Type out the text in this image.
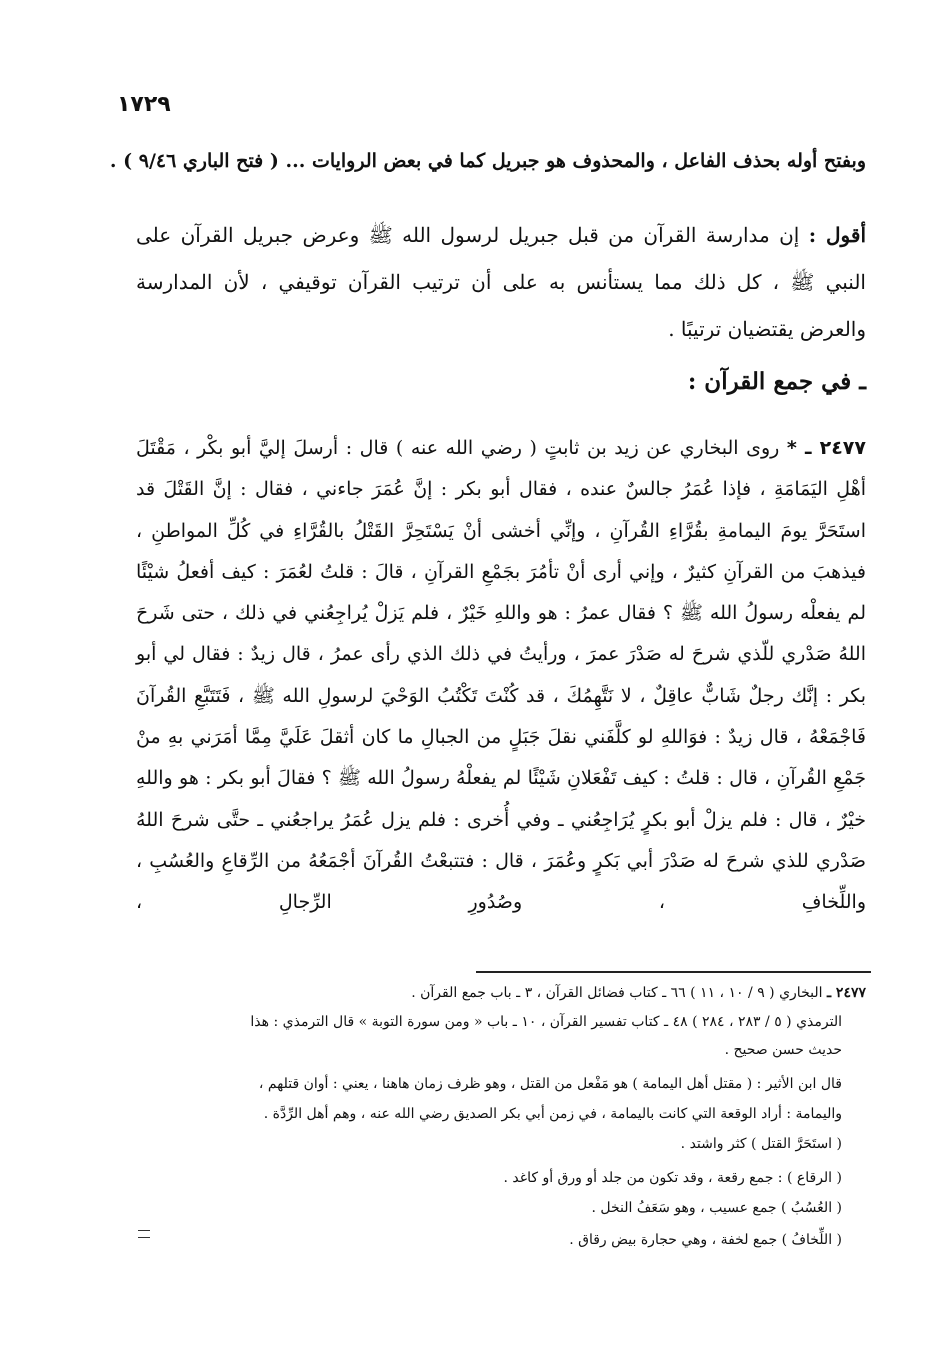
١٧٢٩
وبفتح أوله بحذف الفاعل ، والمحذوف هو جبريل كما في بعض الروايات ... ( فتح الباري ٩/٤٦ ) .
أقول : إن مدارسة القرآن من قبل جبريل لرسول الله ﷺ وعرض جبريل القرآن على النبي ﷺ ، كل ذلك مما يستأنس به على أن ترتيب القرآن توقيفي ، لأن المدارسة والعرض يقتضيان ترتيبًا .
ـ في جمع القرآن :
٢٤٧٧ ـ * روى البخاري عن زيد بن ثابتٍ ( رضي الله عنه ) قال : أرسلَ إليَّ أبو بكْر ، مَقْتَلَ أهْلِ اليَمَامَةِ ، فإذا عُمَرُ جالسٌ عنده ، فقال أبو بكر : إنَّ عُمَرَ جاءني ، فقال : إنَّ القَتْلَ قد استَحَرَّ يومَ اليمامةِ بقُرَّاءِ القُرآنِ ، وإنِّي أخشى أنْ يَسْتَحِرَّ القَتْلُ بالقُرَّاءِ في كُلِّ المواطنِ ، فيذهبَ من القرآنِ كثيرٌ ، وإني أرى أنْ تأمُرَ بجَمْعِ القرآنِ ، قالَ : قلتُ لعُمَرَ : كيف أفعلُ شيْئًا لم يفعلْه رسولُ الله ﷺ ؟ فقال عمرُ : هو واللهِ خَيْرٌ ، فلم يَزلْ يُراجِعُني في ذلك ، حتى شَرحَ اللهُ صَدْري للّذي شرحَ له صَدْرَ عمرَ ، ورأيتُ في ذلك الذي رأى عمرُ ، قال زيدٌ : فقال لي أبو بكر : إنَّك رجلٌ شَابٌّ عاقِلٌ ، لا نَتَّهِمُكَ ، قد كُنْتَ تَكْتُبُ الوَحْيَ لرسولِ الله ﷺ ، فَتَتَبَّعِ القُرآنَ فَاجْمَعْهُ ، قال زيدٌ : فوَاللهِ لو كلَّفَني نقلَ جَبَلٍ من الجبالِ ما كان أثقلَ عَلَيَّ مِمَّا أمَرَني بهِ منْ جَمْعِ القُرآنِ ، قال : قلتُ : كيف تَفْعَلانِ شَيْئًا لم يفعلْهُ رسولُ الله ﷺ ؟ فقالَ أبو بكر : هو واللهِ خيْرٌ ، قال : فلم يزلْ أبو بكرٍ يُرَاجِعُني ـ وفي أُخرى : فلم يزل عُمَرُ يراجعُني ـ حتَّى شرحَ اللهُ صَدْري للذي شرحَ له صَدْرَ أبي بَكرٍ وعُمَرَ ، قال : فتتبعْتُ القُرآنَ أجْمَعُهُ من الرِّقاعِ والعُسُبِ ، واللِّخافِ ، وصُدُورِ الرِّجالِ ،
٢٤٧٧ ـ البخاري ( ٩ / ١٠ ، ١١ ) ٦٦ ـ كتاب فضائل القرآن ، ٣ ـ باب جمع القرآن .
الترمذي ( ٥ / ٢٨٣ ، ٢٨٤ ) ٤٨ ـ كتاب تفسير القرآن ، ١٠ ـ باب « ومن سورة التوبة » قال الترمذي : هذا
حديث حسن صحيح .
قال ابن الأثير : ( مقتل أهل اليمامة ) هو مَفْعل من القتل ، وهو ظرف زمان هاهنا ، يعني : أوان قتلهم ،
واليمامة : أراد الوقعة التي كانت باليمامة ، في زمن أبي بكر الصديق رضي الله عنه ، وهم أهل الرِّدَّة .
( استَحَرَّ القتل ) كثر واشتد .
( الرقاع ) : جمع رقعة ، وقد تكون من جلد أو ورق أو كاغد .
( العُسُبُ ) جمع عسيب ، وهو سَعَفُ النخل .
( اللِّخافُ ) جمع لخفة ، وهي حجارة بيض رقاق .
